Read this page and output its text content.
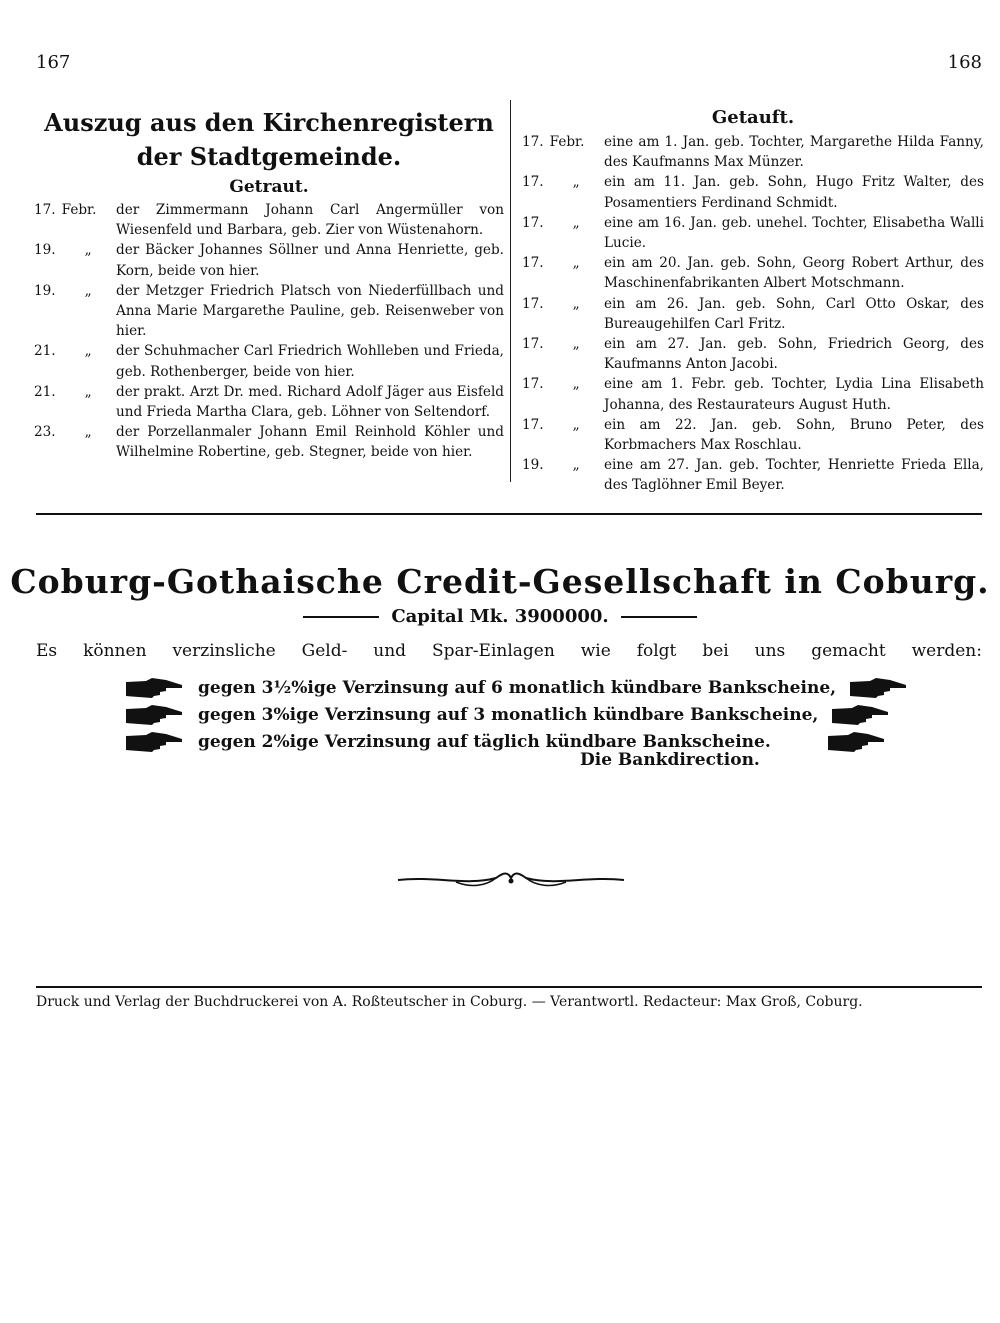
167	168

Auszug aus den Kirchenregistern

der Stadtgemeinde.

Getraut.

17. Febr.	der Zimmermann Johann Carl Angermüller von Wiesenfeld und Barbara, geb. Zier von Wüstenahorn.
19. „	der Bäcker Johannes Söllner und Anna Henriette, geb. Korn, beide von hier.
19. „	der Metzger Friedrich Platsch von Niederfüllbach und Anna Marie Margarethe Pauline, geb. Reisenweber von hier.
21. „	der Schuhmacher Carl Friedrich Wohlleben und Frieda, geb. Rothenberger, beide von hier.
21. „	der prakt. Arzt Dr. med. Richard Adolf Jäger aus Eisfeld und Frieda Martha Clara, geb. Löhner von Seltendorf.
23. „	der Porzellanmaler Johann Emil Reinhold Köhler und Wilhelmine Robertine, geb. Stegner, beide von hier.

Getauft.

17. Febr.	eine am 1. Jan. geb. Tochter, Margarethe Hilda Fanny, des Kaufmanns Max Münzer.
17. „	ein am 11. Jan. geb. Sohn, Hugo Fritz Walter, des Posamentiers Ferdinand Schmidt.
17. „	eine am 16. Jan. geb. unehel. Tochter, Elisabetha Walli Lucie.
17. „	ein am 20. Jan. geb. Sohn, Georg Robert Arthur, des Maschinenfabrikanten Albert Motschmann.
17. „	ein am 26. Jan. geb. Sohn, Carl Otto Oskar, des Bureaugehilfen Carl Fritz.
17. „	ein am 27. Jan. geb. Sohn, Friedrich Georg, des Kaufmanns Anton Jacobi.
17. „	eine am 1. Febr. geb. Tochter, Lydia Lina Elisabeth Johanna, des Restaurateurs August Huth.
17. „	ein am 22. Jan. geb. Sohn, Bruno Peter, des Korbmachers Max Roschlau.
19. „	eine am 27. Jan. geb. Tochter, Henriette Frieda Ella, des Taglöhner Emil Beyer.
Coburg-Gothaische Credit-Gesellschaft in Coburg.
Capital Mk. 3900000.
Es können verzinsliche Geld- und Spar-Einlagen wie folgt bei uns gemacht werden:
gegen 3½%ige Verzinsung auf 6 monatlich kündbare Bankscheine,
gegen 3%ige Verzinsung auf 3 monatlich kündbare Bankscheine,
gegen 2%ige Verzinsung auf täglich kündbare Bankscheine.
Die Bankdirection.
Druck und Verlag der Buchdruckerei von A. Roßteutscher in Coburg. — Verantwortl. Redacteur: Max Groß, Coburg.
